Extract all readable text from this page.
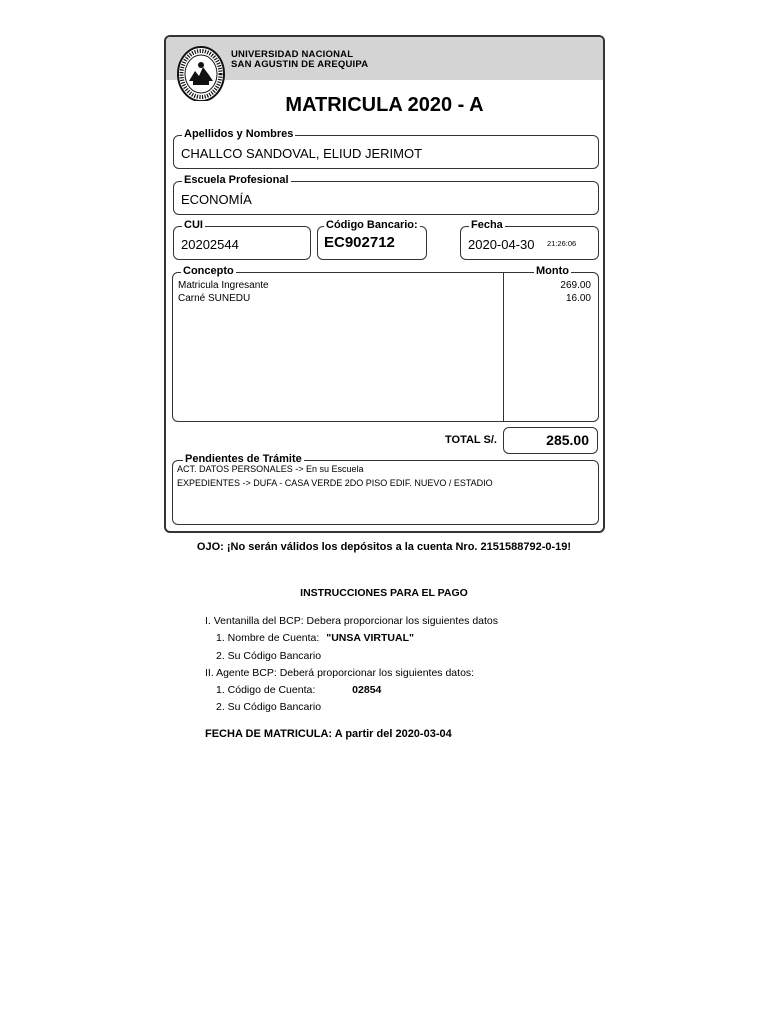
UNIVERSIDAD NACIONAL
SAN AGUSTIN DE AREQUIPA
MATRICULA 2020 - A
Apellidos y Nombres
CHALLCO SANDOVAL, ELIUD JERIMOT
Escuela Profesional
ECONOMÍA
CUI
20202544
Código Bancario:
EC902712
Fecha
2020-04-30 21:26:06
Concepto	Monto
Matricula Ingresante	269.00
Carné SUNEDU	16.00
TOTAL S/.	285.00
Pendientes de Trámite
ACT. DATOS PERSONALES -> En su Escuela
EXPEDIENTES -> DUFA - CASA VERDE 2DO PISO EDIF. NUEVO / ESTADIO
OJO: ¡No serán válidos los depósitos a la cuenta Nro. 2151588792-0-19!
INSTRUCCIONES PARA EL PAGO
I. Ventanilla del BCP: Debera proporcionar los siguientes datos
1. Nombre de Cuenta: "UNSA VIRTUAL"
2. Su Código Bancario
II. Agente BCP: Deberá proporcionar los siguientes datos:
1. Código de Cuenta:	02854
2. Su Código Bancario
FECHA DE MATRICULA: A partir del 2020-03-04
